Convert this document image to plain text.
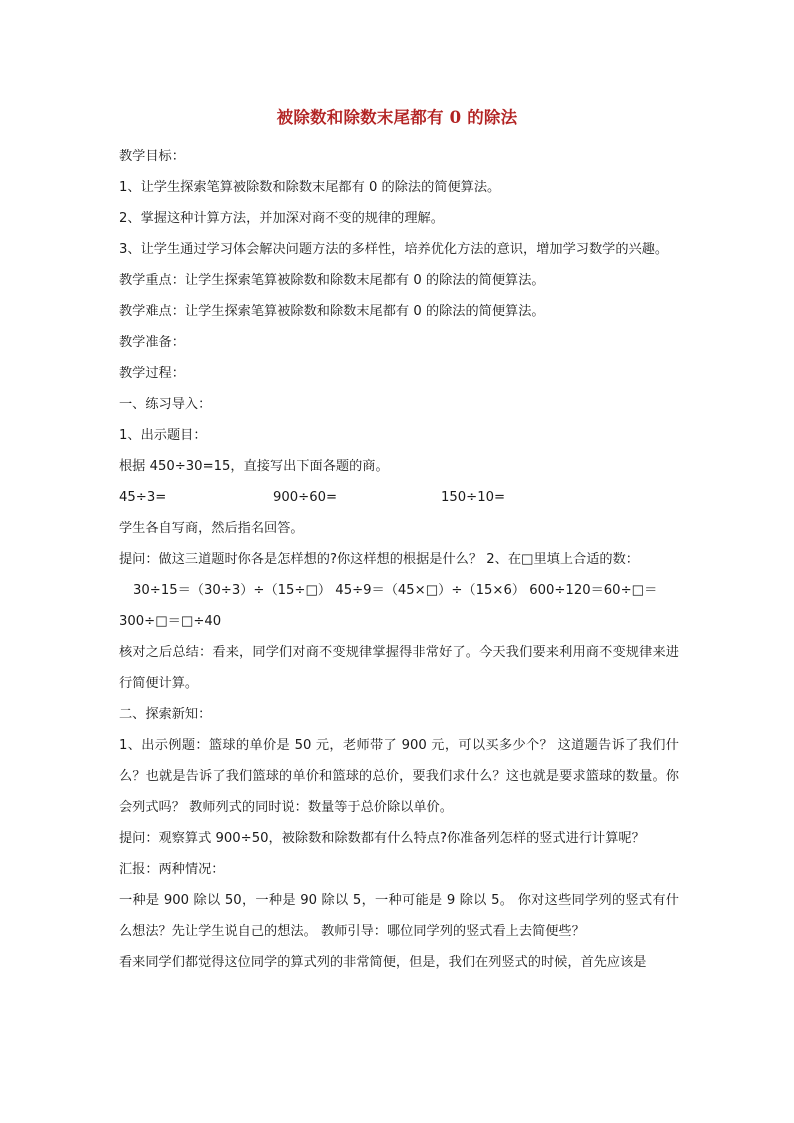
被除数和除数末尾都有 0 的除法

教学目标：

1、让学生探索笔算被除数和除数末尾都有 0 的除法的简便算法。

2、掌握这种计算方法，并加深对商不变的规律的理解。

3、让学生通过学习体会解决问题方法的多样性，培养优化方法的意识，增加学习数学的兴趣。

教学重点：让学生探索笔算被除数和除数末尾都有 0 的除法的简便算法。

教学难点：让学生探索笔算被除数和除数末尾都有 0 的除法的简便算法。

教学准备：

教学过程：

一、练习导入：

1、出示题目：

根据 450÷30=15，直接写出下面各题的商。

45÷3=	900÷60=	150÷10=

学生各自写商，然后指名回答。

提问：做这三道题时你各是怎样想的?你这样想的根据是什么？ 2、在□里填上合适的数：

30÷15＝（30÷3）÷（15÷□） 45÷9＝（45×□）÷（15×6） 600÷120＝60÷□＝

300÷□＝□÷40

核对之后总结：看来，同学们对商不变规律掌握得非常好了。今天我们要来利用商不变规律来进行简便计算。

二、探索新知：

1、出示例题：篮球的单价是 50 元，老师带了 900 元，可以买多少个？ 这道题告诉了我们什么？也就是告诉了我们篮球的单价和篮球的总价，要我们求什么？这也就是要求篮球的数量。你会列式吗？ 教师列式的同时说：数量等于总价除以单价。

提问：观察算式 900÷50，被除数和除数都有什么特点?你准备列怎样的竖式进行计算呢？

汇报：两种情况：

一种是 900 除以 50，一种是 90 除以 5，一种可能是 9 除以 5。 你对这些同学列的竖式有什么想法？先让学生说自己的想法。 教师引导：哪位同学列的竖式看上去简便些？

看来同学们都觉得这位同学的算式列的非常简便，但是，我们在列竖式的时候，首先应该是
